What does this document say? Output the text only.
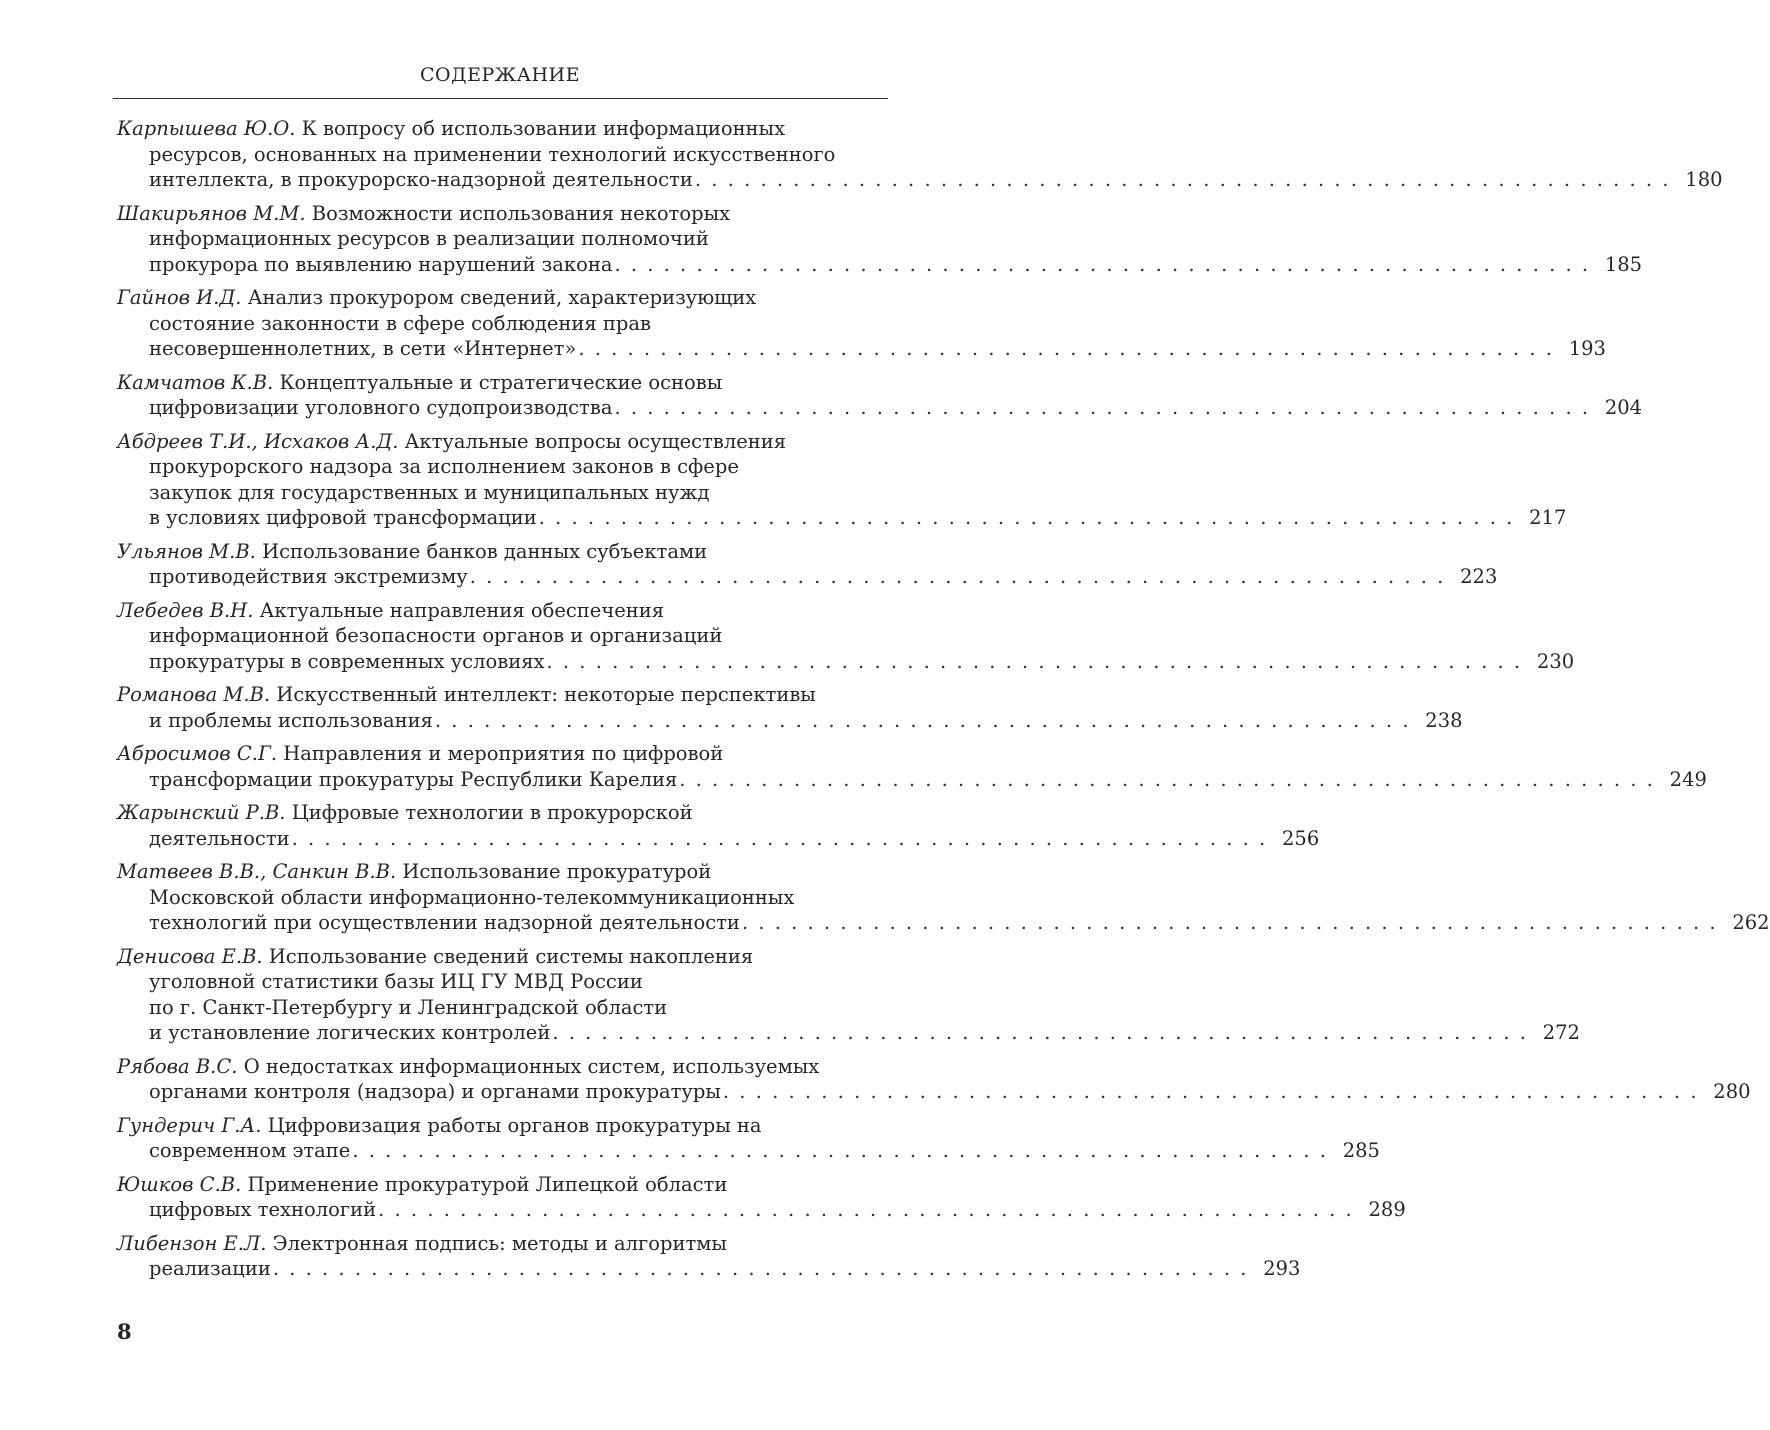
СОДЕРЖАНИЕ
Карпышева Ю.О. К вопросу об использовании информационных
ресурсов, основанных на применении технологий искусственного
интеллекта, в прокурорско-надзорной деятельности . . . . . . . . . . . . . . . . . . . . . . . . . . . . . . . . . . . . . . . . . . . . . . . . . . . . . . . . . . . . 180
Шакирьянов М.М. Возможности использования некоторых
информационных ресурсов в реализации полномочий
прокурора по выявлению нарушений закона . . . . . . . . . . . . . . . . . . . . . . . . . . . . . . . . . . . . . . . . . . . . . . . . . . . . . . . . . . . . 185
Гайнов И.Д. Анализ прокурором сведений, характеризующих
состояние законности в сфере соблюдения прав
несовершеннолетних, в сети «Интернет» . . . . . . . . . . . . . . . . . . . . . . . . . . . . . . . . . . . . . . . . . . . . . . . . . . . . . . . . . . . . 193
Камчатов К.В. Концептуальные и стратегические основы
цифровизации уголовного судопроизводства . . . . . . . . . . . . . . . . . . . . . . . . . . . . . . . . . . . . . . . . . . . . . . . . . . . . . . . . . . . . 204
Абдреев Т.И., Исхаков А.Д. Актуальные вопросы осуществления
прокурорского надзора за исполнением законов в сфере
закупок для государственных и муниципальных нужд
в условиях цифровой трансформации . . . . . . . . . . . . . . . . . . . . . . . . . . . . . . . . . . . . . . . . . . . . . . . . . . . . . . . . . . . . 217
Ульянов М.В. Использование банков данных субъектами
противодействия экстремизму . . . . . . . . . . . . . . . . . . . . . . . . . . . . . . . . . . . . . . . . . . . . . . . . . . . . . . . . . . . . 223
Лебедев В.Н. Актуальные направления обеспечения
информационной безопасности органов и организаций
прокуратуры в современных условиях . . . . . . . . . . . . . . . . . . . . . . . . . . . . . . . . . . . . . . . . . . . . . . . . . . . . . . . . . . . . 230
Романова М.В. Искусственный интеллект: некоторые перспективы
и проблемы использования . . . . . . . . . . . . . . . . . . . . . . . . . . . . . . . . . . . . . . . . . . . . . . . . . . . . . . . . . . . . 238
Абросимов С.Г. Направления и мероприятия по цифровой
трансформации прокуратуры Республики Карелия . . . . . . . . . . . . . . . . . . . . . . . . . . . . . . . . . . . . . . . . . . . . . . . . . . . . . . . . . . . . 249
Жарынский Р.В. Цифровые технологии в прокурорской
деятельности . . . . . . . . . . . . . . . . . . . . . . . . . . . . . . . . . . . . . . . . . . . . . . . . . . . . . . . . . . . . 256
Матвеев В.В., Санкин В.В. Использование прокуратурой
Московской области информационно-телекоммуникационных
технологий при осуществлении надзорной деятельности . . . . . . . . . . . . . . . . . . . . . . . . . . . . . . . . . . . . . . . . . . . . . . . . . . . . . . . . . . . . 262
Денисова Е.В. Использование сведений системы накопления
уголовной статистики базы ИЦ ГУ МВД России
по г. Санкт-Петербургу и Ленинградской области
и установление логических контролей . . . . . . . . . . . . . . . . . . . . . . . . . . . . . . . . . . . . . . . . . . . . . . . . . . . . . . . . . . . . 272
Рябова В.С. О недостатках информационных систем, используемых
органами контроля (надзора) и органами прокуратуры . . . . . . . . . . . . . . . . . . . . . . . . . . . . . . . . . . . . . . . . . . . . . . . . . . . . . . . . . . . . 280
Гундерич Г.А. Цифровизация работы органов прокуратуры на
современном этапе . . . . . . . . . . . . . . . . . . . . . . . . . . . . . . . . . . . . . . . . . . . . . . . . . . . . . . . . . . . . 285
Юшков С.В. Применение прокуратурой Липецкой области
цифровых технологий . . . . . . . . . . . . . . . . . . . . . . . . . . . . . . . . . . . . . . . . . . . . . . . . . . . . . . . . . . . . 289
Либензон Е.Л. Электронная подпись: методы и алгоритмы
реализации . . . . . . . . . . . . . . . . . . . . . . . . . . . . . . . . . . . . . . . . . . . . . . . . . . . . . . . . . . . . 293
8
